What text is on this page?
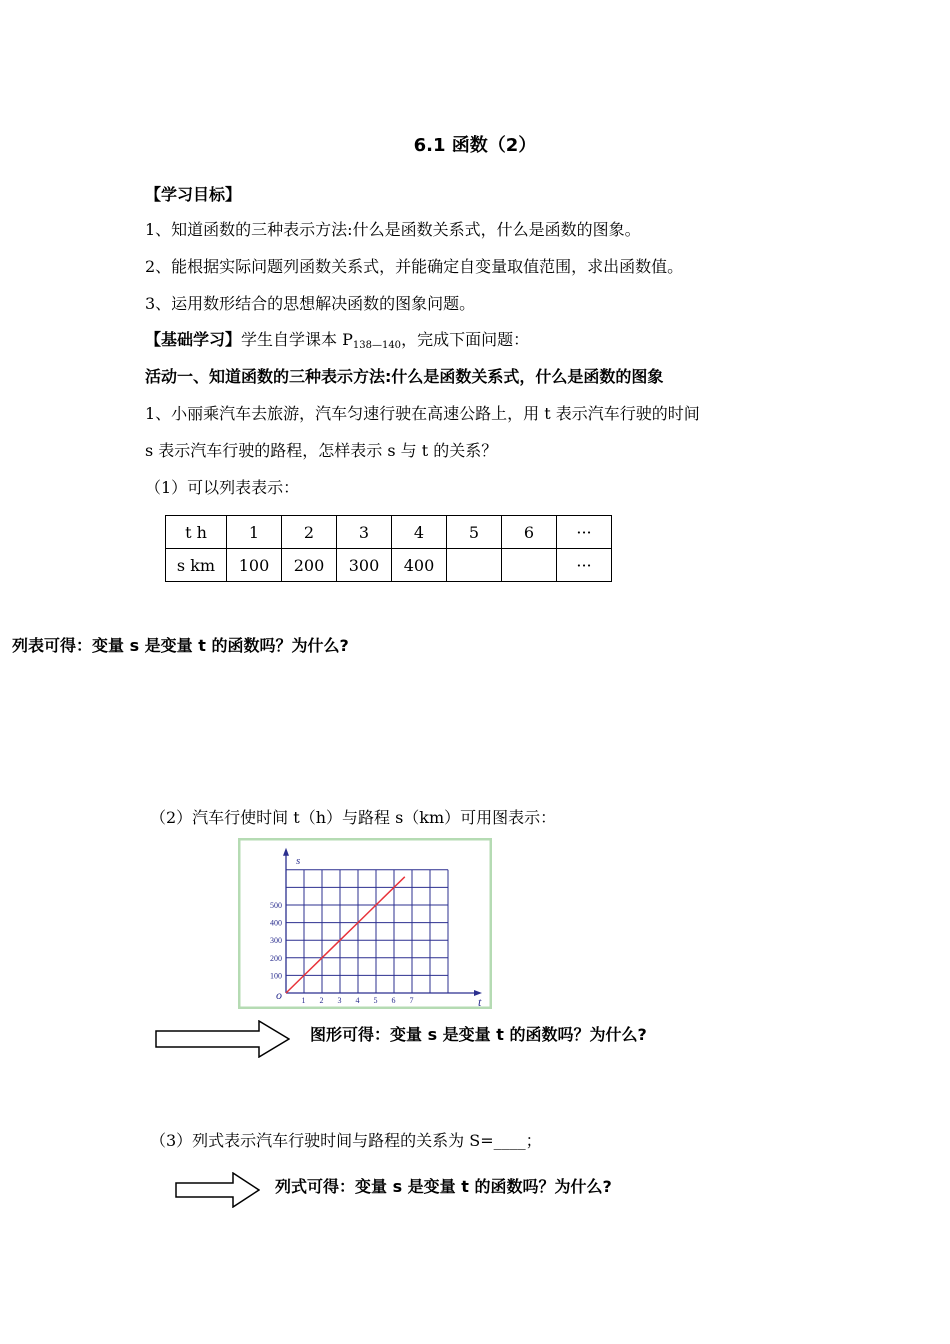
6.1 函数（2）
【学习目标】
1、知道函数的三种表示方法:什么是函数关系式，什么是函数的图象。
2、能根据实际问题列函数关系式，并能确定自变量取值范围，求出函数值。
3、运用数形结合的思想解决函数的图象问题。
【基础学习】学生自学课本 $P_{138—140}$，完成下面问题：
活动一、知道函数的三种表示方法:什么是函数关系式，什么是函数的图象
1、小丽乘汽车去旅游，汽车匀速行驶在高速公路上，用 t 表示汽车行驶的时间
s 表示汽车行驶的路程，怎样表示 s 与 t 的关系？
（1）可以列表表示：
t h	1	2	3	4	5	6	···
s km	100	200	300	400			···
列表可得：变量 s 是变量 t 的函数吗？为什么?
（2）汽车行使时间 t（h）与路程 s（km）可用图表示：
s
t
o 1 2 3 4 5 6 7
100
200
300
400
500
图形可得：变量 s 是变量 t 的函数吗？为什么?
（3）列式表示汽车行驶时间与路程的关系为 S=____；
列式可得：变量 s 是变量 t 的函数吗？为什么?
